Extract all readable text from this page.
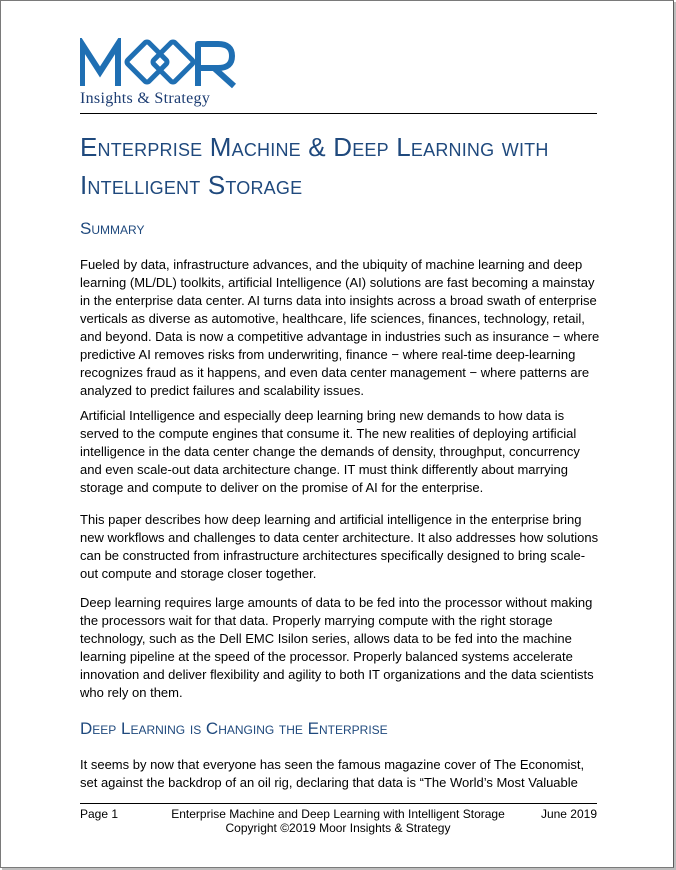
Insights & Strategy
Enterprise Machine & Deep Learning with Intelligent Storage
Summary

Fueled by data, infrastructure advances, and the ubiquity of machine learning and deep learning (ML/DL) toolkits, artificial Intelligence (AI) solutions are fast becoming a mainstay in the enterprise data center. AI turns data into insights across a broad swath of enterprise verticals as diverse as automotive, healthcare, life sciences, finances, technology, retail, and beyond. Data is now a competitive advantage in industries such as insurance − where predictive AI removes risks from underwriting, finance − where real-time deep-learning recognizes fraud as it happens, and even data center management − where patterns are analyzed to predict failures and scalability issues.

Artificial Intelligence and especially deep learning bring new demands to how data is served to the compute engines that consume it. The new realities of deploying artificial intelligence in the data center change the demands of density, throughput, concurrency and even scale-out data architecture change. IT must think differently about marrying storage and compute to deliver on the promise of AI for the enterprise.

This paper describes how deep learning and artificial intelligence in the enterprise bring new workflows and challenges to data center architecture. It also addresses how solutions can be constructed from infrastructure architectures specifically designed to bring scale-out compute and storage closer together.

Deep learning requires large amounts of data to be fed into the processor without making the processors wait for that data. Properly marrying compute with the right storage technology, such as the Dell EMC Isilon series, allows data to be fed into the machine learning pipeline at the speed of the processor. Properly balanced systems accelerate innovation and deliver flexibility and agility to both IT organizations and the data scientists who rely on them.

Deep Learning is Changing the Enterprise

It seems by now that everyone has seen the famous magazine cover of The Economist, set against the backdrop of an oil rig, declaring that data is “The World’s Most Valuable

Page 1	Enterprise Machine and Deep Learning with Intelligent Storage
Copyright ©2019 Moor Insights & Strategy
June 2019
